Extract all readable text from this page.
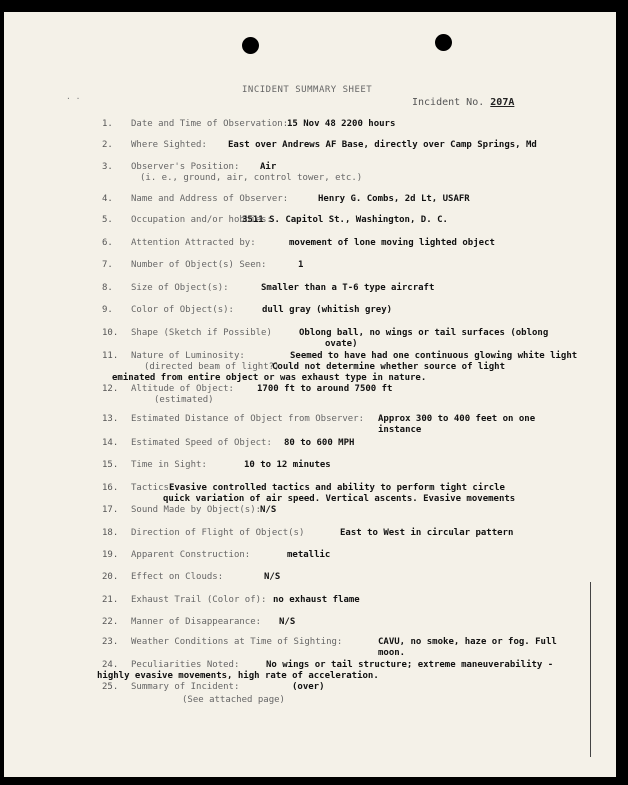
· ·
INCIDENT SUMMARY SHEET
Incident No. 207A
1.	Date and Time of Observation:
15 Nov 48 2200 hours
2.	Where Sighted: East over Andrews AF Base, directly over Camp Springs, Md
3.	Observer's Position: Air
(i. e., ground, air, control tower, etc.)
4.	Name and Address of Observer:	Henry G. Combs, 2d Lt, USAFR
5.	Occupation and/or hobbies:
3511 S. Capitol St., Washington, D. C.
6.	Attention Attracted by:	movement of lone moving lighted object
7.	Number of Object(s) Seen:	1
8.	Size of Object(s):	Smaller than a T-6 type aircraft
9.	Color of Object(s):	dull gray (whitish grey)
10.	Shape (Sketch if Possible)	Oblong ball, no wings or tail surfaces (oblong
ovate)
11.	Nature of Luminosity:	Seemed to have had one continuous glowing white light
(directed beam of light?)
Could not determine whether source of light
eminated from entire object or was exhaust type in nature.
12.	Altitude of Object:	1700 ft to around 7500 ft
(estimated)
13.	Estimated Distance of Object from Observer: Approx 300 to 400 feet on one
instance
14.	Estimated Speed of Object: 80 to 600 MPH
15.	Time in Sight:	10 to 12 minutes
16.	Tactics:
Evasive controlled tactics and ability to perform tight circle
quick variation of air speed. Vertical ascents. Evasive movements
17.	Sound Made by Object(s):
N/S
18.	Direction of Flight of Object(s)	East to West in circular pattern
19.	Apparent Construction:	metallic
20.	Effect on Clouds:	N/S
21.	Exhaust Trail (Color of): no exhaust flame
22.	Manner of Disappearance: N/S
23.	Weather Conditions at Time of Sighting:	CAVU, no smoke, haze or fog. Full
moon.
24.	Peculiarities Noted:	No wings or tail structure; extreme maneuverability -
highly evasive movements, high rate of acceleration.
25.	Summary of Incident:	(over)
(See attached page)
